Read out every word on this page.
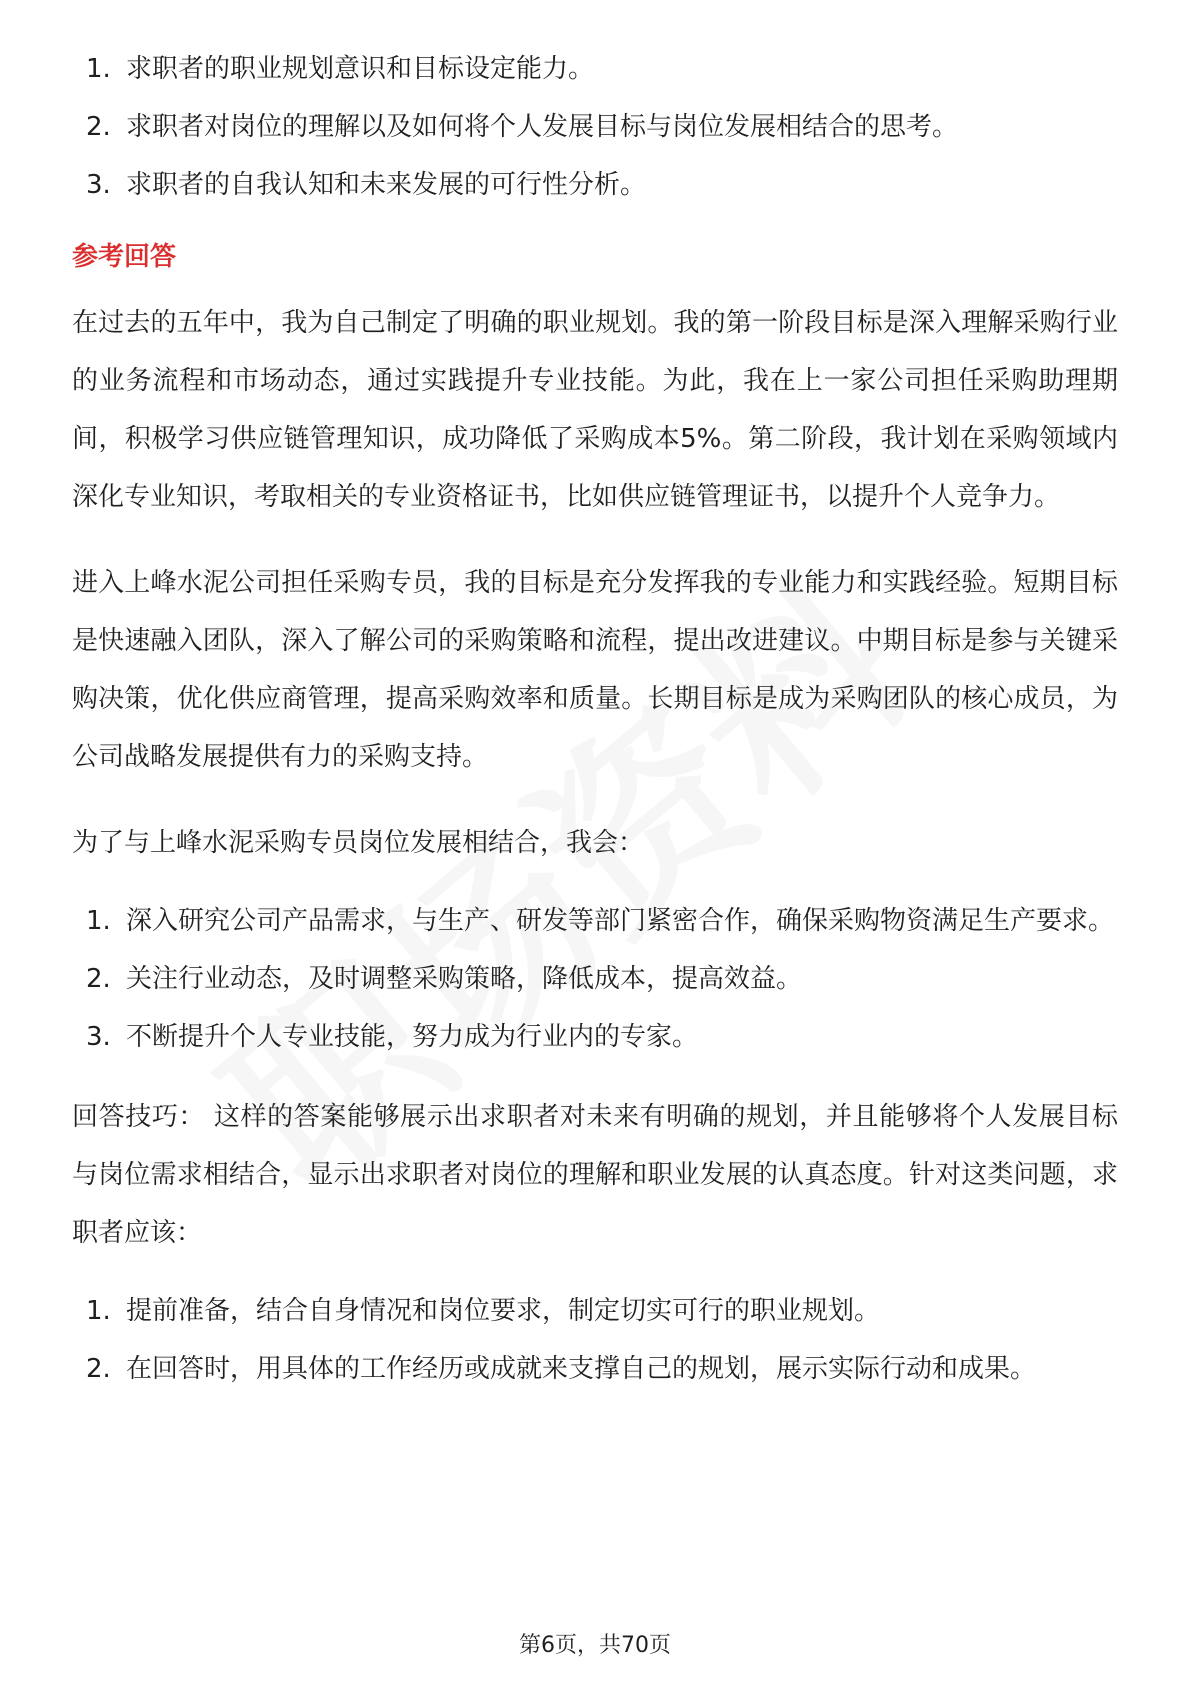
1. 求职者的职业规划意识和目标设定能力。
2. 求职者对岗位的理解以及如何将个人发展目标与岗位发展相结合的思考。
3. 求职者的自我认知和未来发展的可行性分析。
参考回答

在过去的五年中，我为自己制定了明确的职业规划。我的第一阶段目标是深入理解采购行业的业务流程和市场动态，通过实践提升专业技能。为此，我在上一家公司担任采购助理期间，积极学习供应链管理知识，成功降低了采购成本5%。第二阶段，我计划在采购领域内深化专业知识，考取相关的专业资格证书，比如供应链管理证书，以提升个人竞争力。

进入上峰水泥公司担任采购专员，我的目标是充分发挥我的专业能力和实践经验。短期目标是快速融入团队，深入了解公司的采购策略和流程，提出改进建议。中期目标是参与关键采购决策，优化供应商管理，提高采购效率和质量。长期目标是成为采购团队的核心成员，为公司战略发展提供有力的采购支持。

为了与上峰水泥采购专员岗位发展相结合，我会：

1. 深入研究公司产品需求，与生产、研发等部门紧密合作，确保采购物资满足生产要求。
2. 关注行业动态，及时调整采购策略，降低成本，提高效益。
3. 不断提升个人专业技能，努力成为行业内的专家。

回答技巧： 这样的答案能够展示出求职者对未来有明确的规划，并且能够将个人发展目标与岗位需求相结合，显示出求职者对岗位的理解和职业发展的认真态度。针对这类问题，求职者应该：

1. 提前准备，结合自身情况和岗位要求，制定切实可行的职业规划。
2. 在回答时，用具体的工作经历或成就来支撑自己的规划，展示实际行动和成果。
第6页，共70页
